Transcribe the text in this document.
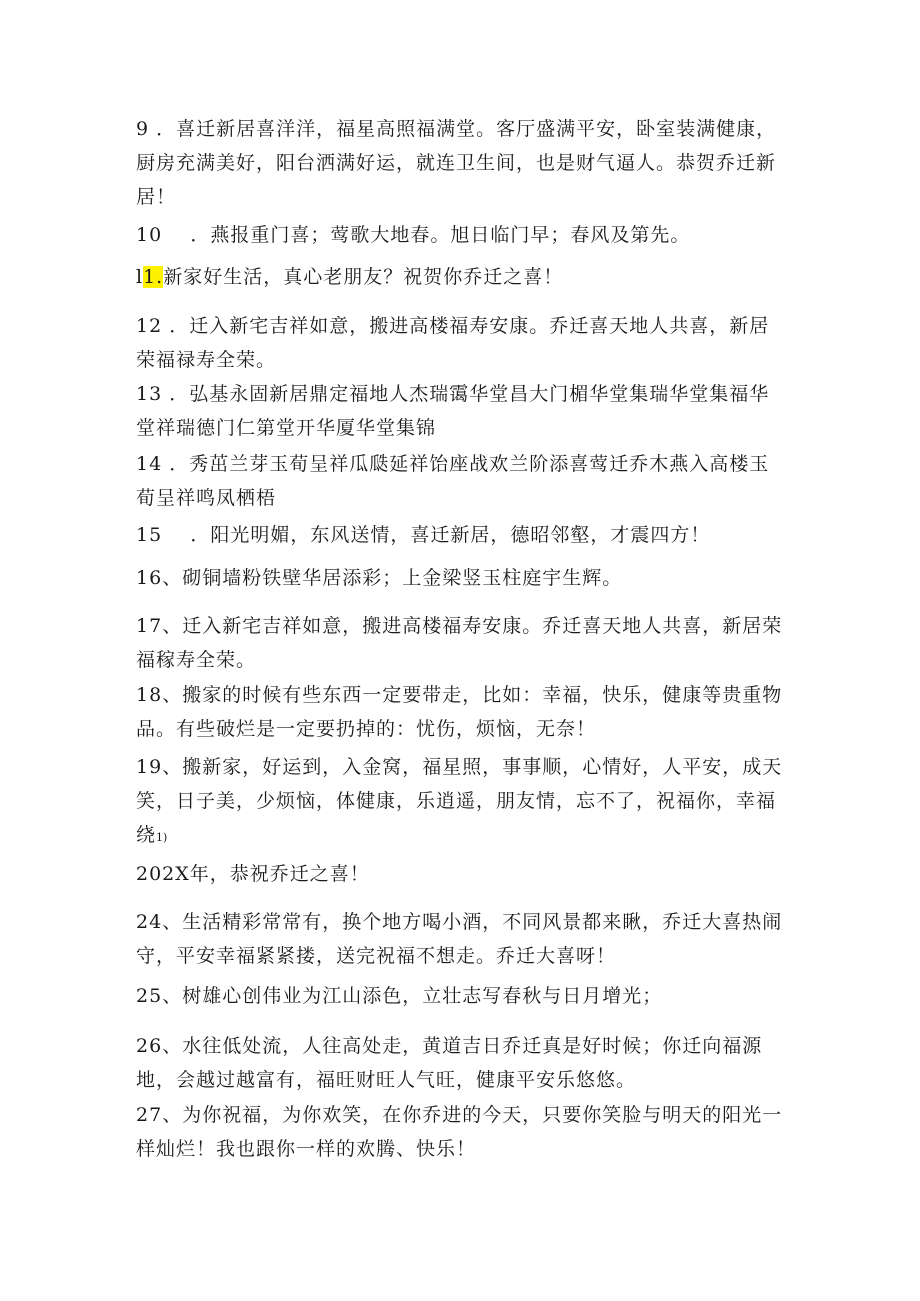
9 ．喜迁新居喜洋洋，福星高照福满堂。客厅盛满平安，卧室装满健康，厨房充满美好，阳台洒满好运，就连卫生间，也是财气逼人。恭贺乔迁新居！

10 ．燕报重门喜；莺歌大地春。旭日临门早；春风及第先。

l1.新家好生活，真心老朋友？祝贺你乔迁之喜！

12 ．迁入新宅吉祥如意，搬进高楼福寿安康。乔迁喜天地人共喜，新居荣福禄寿全荣。

13 ．弘基永固新居鼎定福地人杰瑞霭华堂昌大门楣华堂集瑞华堂集福华堂祥瑞德门仁第堂开华厦华堂集锦

14 ．秀茁兰芽玉荀呈祥瓜瓞延祥饴座战欢兰阶添喜莺迁乔木燕入高楼玉荀呈祥鸣凤栖梧

15 ．阳光明媚，东风送情，喜迁新居，德昭邻壑，才震四方！

16、砌铜墙粉铁壁华居添彩；上金梁竖玉柱庭宇生辉。

17、迁入新宅吉祥如意，搬进高楼福寿安康。乔迁喜天地人共喜，新居荣福稼寿全荣。

18、搬家的时候有些东西一定要带走，比如：幸福，快乐，健康等贵重物品。有些破烂是一定要扔掉的：忧伤，烦恼，无奈！

19、搬新家，好运到，入金窝，福星照，事事顺，心情好，人平安，成天笑，日子美，少烦恼，体健康，乐逍遥，朋友情，忘不了，祝福你，幸福绕1)

202X年，恭祝乔迁之喜！

24、生活精彩常常有，换个地方喝小酒，不同风景都来瞅，乔迁大喜热闹守，平安幸福紧紧搂，送完祝福不想走。乔迁大喜呀！

25、树雄心创伟业为江山添色，立壮志写春秋与日月增光；

26、水往低处流，人往高处走，黄道吉日乔迁真是好时候；你迁向福源地，会越过越富有，福旺财旺人气旺，健康平安乐悠悠。

27、为你祝福，为你欢笑，在你乔进的今天，只要你笑脸与明天的阳光一样灿烂！我也跟你一样的欢腾、快乐！
